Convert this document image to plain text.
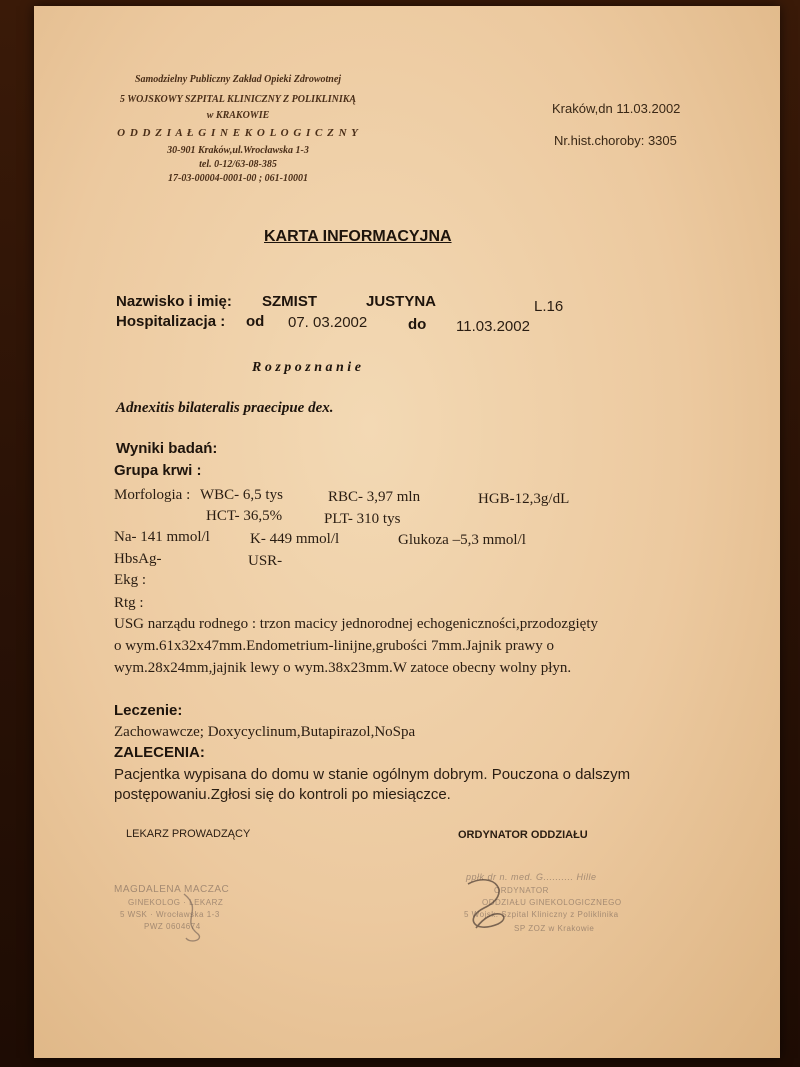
Samodzielny Publiczny Zakład Opieki Zdrowotnej
5 WOJSKOWY SZPITAL KLINICZNY Z POLIKLINIKĄ
w KRAKOWIE
O D D Z I A Ł G I N E K O L O G I C Z N Y
30-901 Kraków,ul.Wrocławska 1-3
tel. 0-12/63-08-385
17-03-00004-0001-00 ; 061-10001
Kraków,dn 11.03.2002
Nr.hist.choroby: 3305
KARTA INFORMACYJNA
Nazwisko i imię: SZMIST	JUSTYNA	L.16
Hospitalizacja : od 07. 03.2002	do 11.03.2002
R o z p o z n a n i e
Adnexitis bilateralis praecipue dex.
Wyniki badań:
Grupa krwi :
Morfologia : WBC- 6,5 tys	RBC- 3,97 mln	HGB-12,3g/dL
HCT- 36,5%	PLT- 310 tys
Na- 141 mmol/l	K- 449 mmol/l	Glukoza –5,3 mmol/l
HbsAg-	USR-
Ekg :
Rtg :
USG narządu rodnego : trzon macicy jednorodnej echogeniczności,przodozgięty
o wym.61x32x47mm.Endometrium-linijne,grubości 7mm.Jajnik prawy o
wym.28x24mm,jajnik lewy o wym.38x23mm.W zatoce obecny wolny płyn.
Leczenie:
Zachowawcze; Doxycyclinum,Butapirazol,NoSpa
ZALECENIA:
Pacjentka wypisana do domu w stanie ogólnym dobrym. Pouczona o dalszym
postępowaniu.Zgłosi się do kontroli po miesiączce.
LEKARZ PROWADZĄCY	ORDYNATOR ODDZIAŁU
MAGDALENA MACZAC
GINEKOLOG · LEKARZ
5 WSK · Wrocławska 1-3
PWZ 0604674
ppłk dr n. med. G.......... Hille
ORDYNATOR
ODDZIAŁU GINEKOLOGICZNEGO
5 Wojsk. Szpital Kliniczny z Poliklinika
SP ZOZ w Krakowie
